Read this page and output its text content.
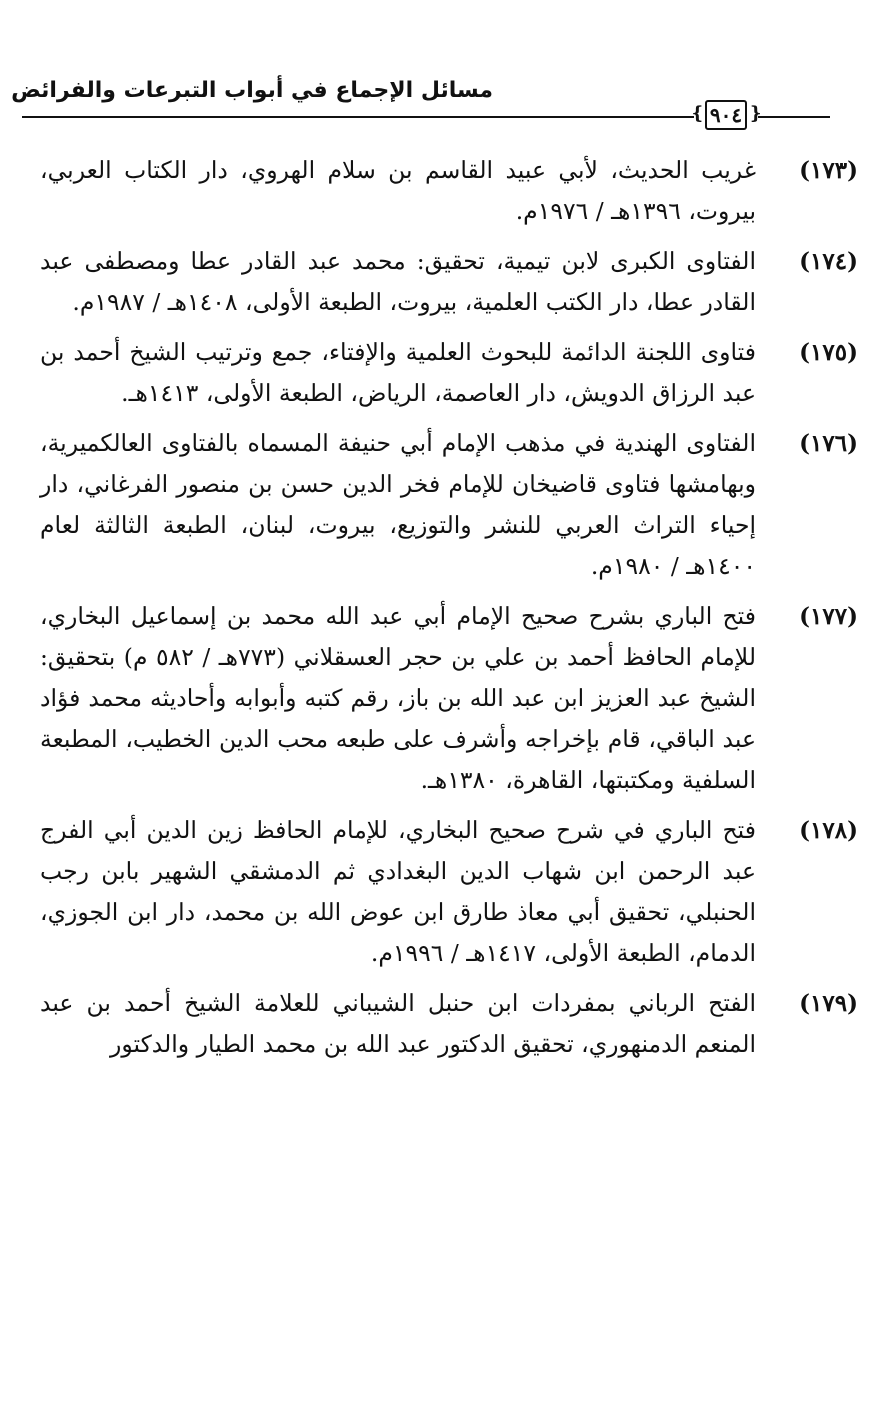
مسائل الإجماع في أبواب التبرعات والفرائض
❴ ٩٠٤ ❵
(١٧٣)
غريب الحديث، لأبي عبيد القاسم بن سلام الهروي، دار الكتاب العربي، بيروت، ١٣٩٦هـ / ١٩٧٦م.
(١٧٤)
الفتاوى الكبرى لابن تيمية، تحقيق: محمد عبد القادر عطا ومصطفى عبد القادر عطا، دار الكتب العلمية، بيروت، الطبعة الأولى، ١٤٠٨هـ / ١٩٨٧م.
(١٧٥)
فتاوى اللجنة الدائمة للبحوث العلمية والإفتاء، جمع وترتيب الشيخ أحمد بن عبد الرزاق الدويش، دار العاصمة، الرياض، الطبعة الأولى، ١٤١٣هـ.
(١٧٦)
الفتاوى الهندية في مذهب الإمام أبي حنيفة المسماه بالفتاوى العالكميرية، وبهامشها فتاوى قاضيخان للإمام فخر الدين حسن بن منصور الفرغاني، دار إحياء التراث العربي للنشر والتوزيع، بيروت، لبنان، الطبعة الثالثة لعام ١٤٠٠هـ / ١٩٨٠م.
(١٧٧)
فتح الباري بشرح صحيح الإمام أبي عبد الله محمد بن إسماعيل البخاري، للإمام الحافظ أحمد بن علي بن حجر العسقلاني (٧٧٣هـ / ٥٨٢ م) بتحقيق: الشيخ عبد العزيز ابن عبد الله بن باز، رقم كتبه وأبوابه وأحاديثه محمد فؤاد عبد الباقي، قام بإخراجه وأشرف على طبعه محب الدين الخطيب، المطبعة السلفية ومكتبتها، القاهرة، ١٣٨٠هـ.
(١٧٨)
فتح الباري في شرح صحيح البخاري، للإمام الحافظ زين الدين أبي الفرج عبد الرحمن ابن شهاب الدين البغدادي ثم الدمشقي الشهير بابن رجب الحنبلي، تحقيق أبي معاذ طارق ابن عوض الله بن محمد، دار ابن الجوزي، الدمام، الطبعة الأولى، ١٤١٧هـ / ١٩٩٦م.
(١٧٩)
الفتح الرباني بمفردات ابن حنبل الشيباني للعلامة الشيخ أحمد بن عبد المنعم الدمنهوري، تحقيق الدكتور عبد الله بن محمد الطيار والدكتور
